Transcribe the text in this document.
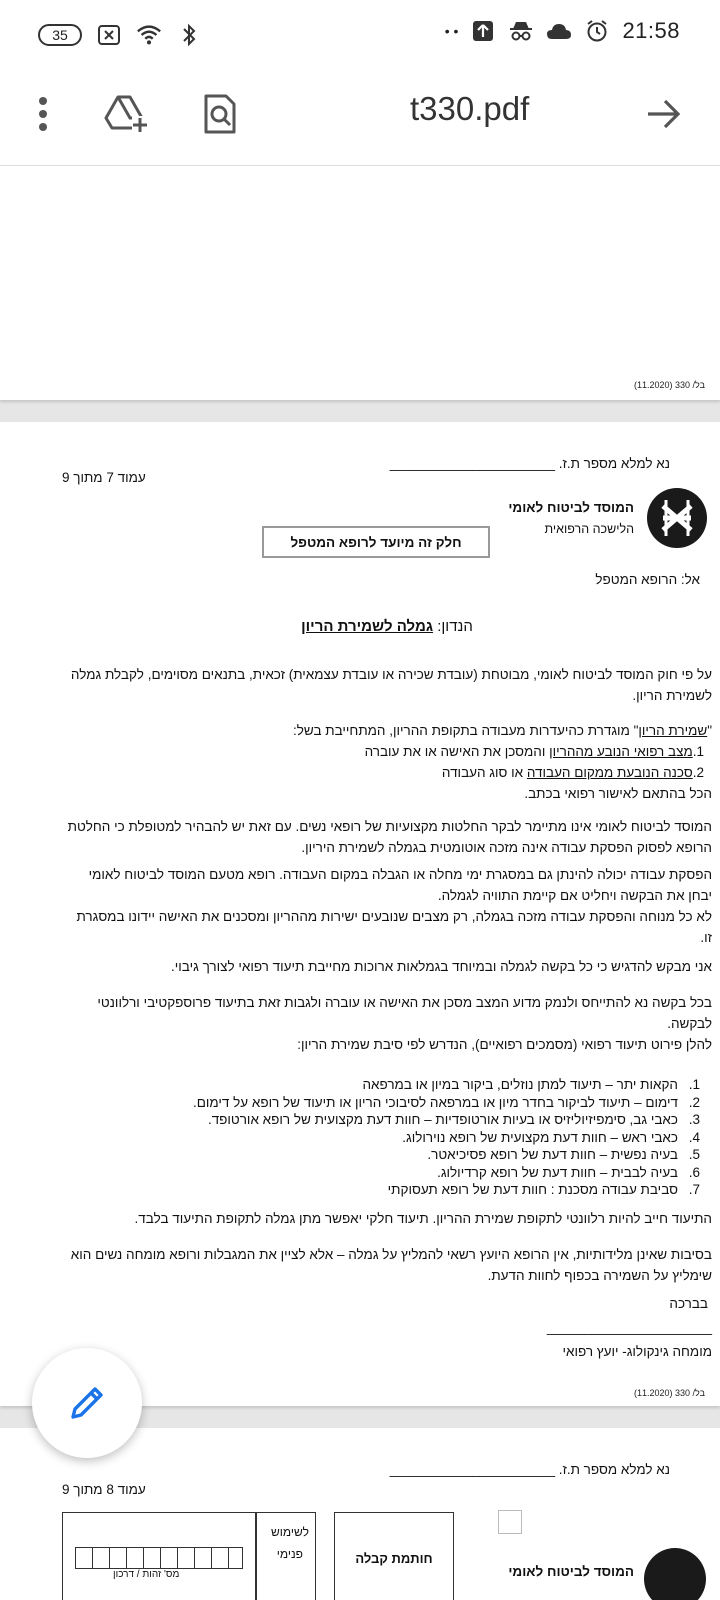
35	• •	21:58
t330.pdf
בל/ 330 (11.2020)
נא למלא מספר ת.ז. ______________________
עמוד 7 מתוך 9
המוסד לביטוח לאומי
הלישכה הרפואית
חלק זה מיועד לרופא המטפל
אל: הרופא המטפל
הנדון: גמלה לשמירת הריון
על פי חוק המוסד לביטוח לאומי, מבוטחת (עובדת שכירה או עובדת עצמאית) זכאית, בתנאים מסוימים, לקבלת גמלה לשמירת הריון.
"שמירת הריון" מוגדרת כהיעדרות מעבודה בתקופת ההריון, המתחייבת בשל:
1.מצב רפואי הנובע מההריון והמסכן את האישה או את עוברה
2.סכנה הנובעת ממקום העבודה או סוג העבודה
הכל בהתאם לאישור רפואי בכתב.
המוסד לביטוח לאומי אינו מתיימר לבקר החלטות מקצועיות של רופאי נשים. עם זאת יש להבהיר למטופלת כי החלטת הרופא לפסוק הפסקת עבודה אינה מזכה אוטומטית בגמלה לשמירת היריון.
הפסקת עבודה יכולה להינתן גם במסגרת ימי מחלה או הגבלה במקום העבודה. רופא מטעם המוסד לביטוח לאומי יבחן את הבקשה ויחליט אם קיימת התוויה לגמלה.
לא כל מנוחה והפסקת עבודה מזכה בגמלה, רק מצבים שנובעים ישירות מההריון ומסכנים את האישה יידונו במסגרת זו.
אני מבקש להדגיש כי כל בקשה לגמלה ובמיוחד בגמלאות ארוכות מחייבת תיעוד רפואי לצורך גיבוי.
בכל בקשה נא להתייחס ולנמק מדוע המצב מסכן את האישה או עוברה ולגבות זאת בתיעוד פרוספקטיבי ורלוונטי לבקשה.
להלן פירוט תיעוד רפואי (מסמכים רפואיים), הנדרש לפי סיבת שמירת הריון:
1.הקאות יתר – תיעוד למתן נוזלים, ביקור במיון או במרפאה
2.דימום – תיעוד לביקור בחדר מיון או במרפאה לסיבוכי הריון או תיעוד של רופא על דימום.
3.כאבי גב, סימפיזיוליזיס או בעיות אורטופדיות – חוות דעת מקצועית של רופא אורטופד.
4.כאבי ראש – חוות דעת מקצועית של רופא נוירולוג.
5.בעיה נפשית – חוות דעת של רופא פסיכיאטר.
6.בעיה לבבית – חוות דעת של רופא קרדיולוג.
7.סביבת עבודה מסכנת : חוות דעת של רופא תעסוקתי
התיעוד חייב להיות רלוונטי לתקופת שמירת ההריון. תיעוד חלקי יאפשר מתן גמלה לתקופת התיעוד בלבד.
בסיבות שאינן מלידותיות, אין הרופא היועץ רשאי להמליץ על גמלה – אלא לציין את המגבלות ורופא מומחה נשים הוא שימליץ על השמירה בכפוף לחוות הדעת.
בברכה
______________________
מומחה גינקולוג- יועץ רפואי
בל/ 330 (11.2020)
נא למלא מספר ת.ז. ______________________
עמוד 8 מתוך 9
לשימוש
פנימי
מס' זהות / דרכון
חותמת קבלה
המוסד לביטוח לאומי
